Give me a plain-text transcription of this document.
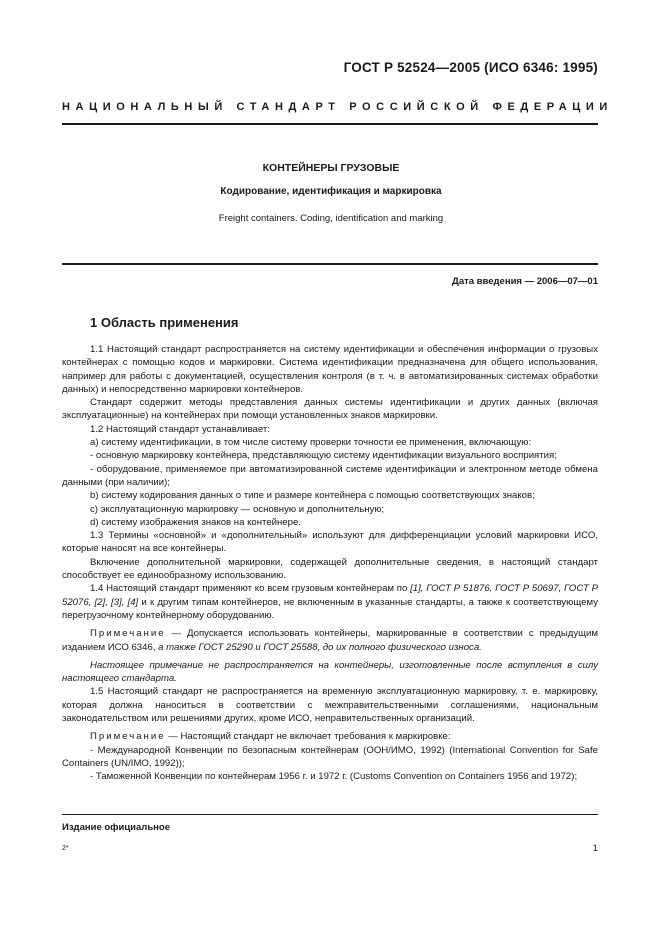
ГОСТ Р 52524—2005 (ИСО 6346: 1995)
НАЦИОНАЛЬНЫЙ СТАНДАРТ РОССИЙСКОЙ ФЕДЕРАЦИИ
КОНТЕЙНЕРЫ ГРУЗОВЫЕ
Кодирование, идентификация и маркировка
Freight containers. Coding, identification and marking
Дата введения — 2006—07—01
1 Область применения

1.1 Настоящий стандарт распространяется на систему идентификации и обеспечения информации о грузовых контейнерах с помощью кодов и маркировки. Система идентификации предназначена для общего использования, например для работы с документацией, осуществления контроля (в т. ч. в автоматизированных системах обработки данных) и непосредственно маркировки контейнеров.

Стандарт содержит методы представления данных системы идентификации и других данных (включая эксплуатационные) на контейнерах при помощи установленных знаков маркировки.

1.2 Настоящий стандарт устанавливает:

а) систему идентификации, в том числе систему проверки точности ее применения, включающую:

- основную маркировку контейнера, представляющую систему идентификации визуального восприятия;

- оборудование, применяемое при автоматизированной системе идентификации и электронном методе обмена данными (при наличии);

b) систему кодирования данных о типе и размере контейнера с помощью соответствующих знаков;

c) эксплуатационную маркировку — основную и дополнительную;

d) систему изображения знаков на контейнере.

1.3 Термины «основной» и «дополнительный» используют для дифференциации условий маркировки ИСО, которые наносят на все контейнеры.

Включение дополнительной маркировки, содержащей дополнительные сведения, в настоящий стандарт способствует ее единообразному использованию.

1.4 Настоящий стандарт применяют ко всем грузовым контейнерам по [1], ГОСТ Р 51876, ГОСТ Р 50697, ГОСТ Р 52076, [2], [3], [4] и к другим типам контейнеров, не включенным в указанные стандарты, а также к соответствующему перегрузочному контейнерному оборудованию.

Примечание — Допускается использовать контейнеры, маркированные в соответствии с предыдущим изданием ИСО 6346, а также ГОСТ 25290 и ГОСТ 25588, до их полного физического износа.

Настоящее примечание не распространяется на контейнеры, изготовленные после вступления в силу настоящего стандарта.

1.5 Настоящий стандарт не распространяется на временную эксплуатационную маркировку, т. е. маркировку, которая должна наноситься в соответствии с межправительственными соглашениями, национальным законодательством или решениями других, кроме ИСО, неправительственных организаций.

Примечание — Настоящий стандарт не включает требования к маркировке:

- Международной Конвенции по безопасным контейнерам (ООН/ИМО, 1992) (International Convention for Safe Containers (UN/IMO, 1992));

- Таможенной Конвенции по контейнерам 1956 г. и 1972 г. (Customs Convention on Containers 1956 and 1972);

Издание официальное
2*	1
